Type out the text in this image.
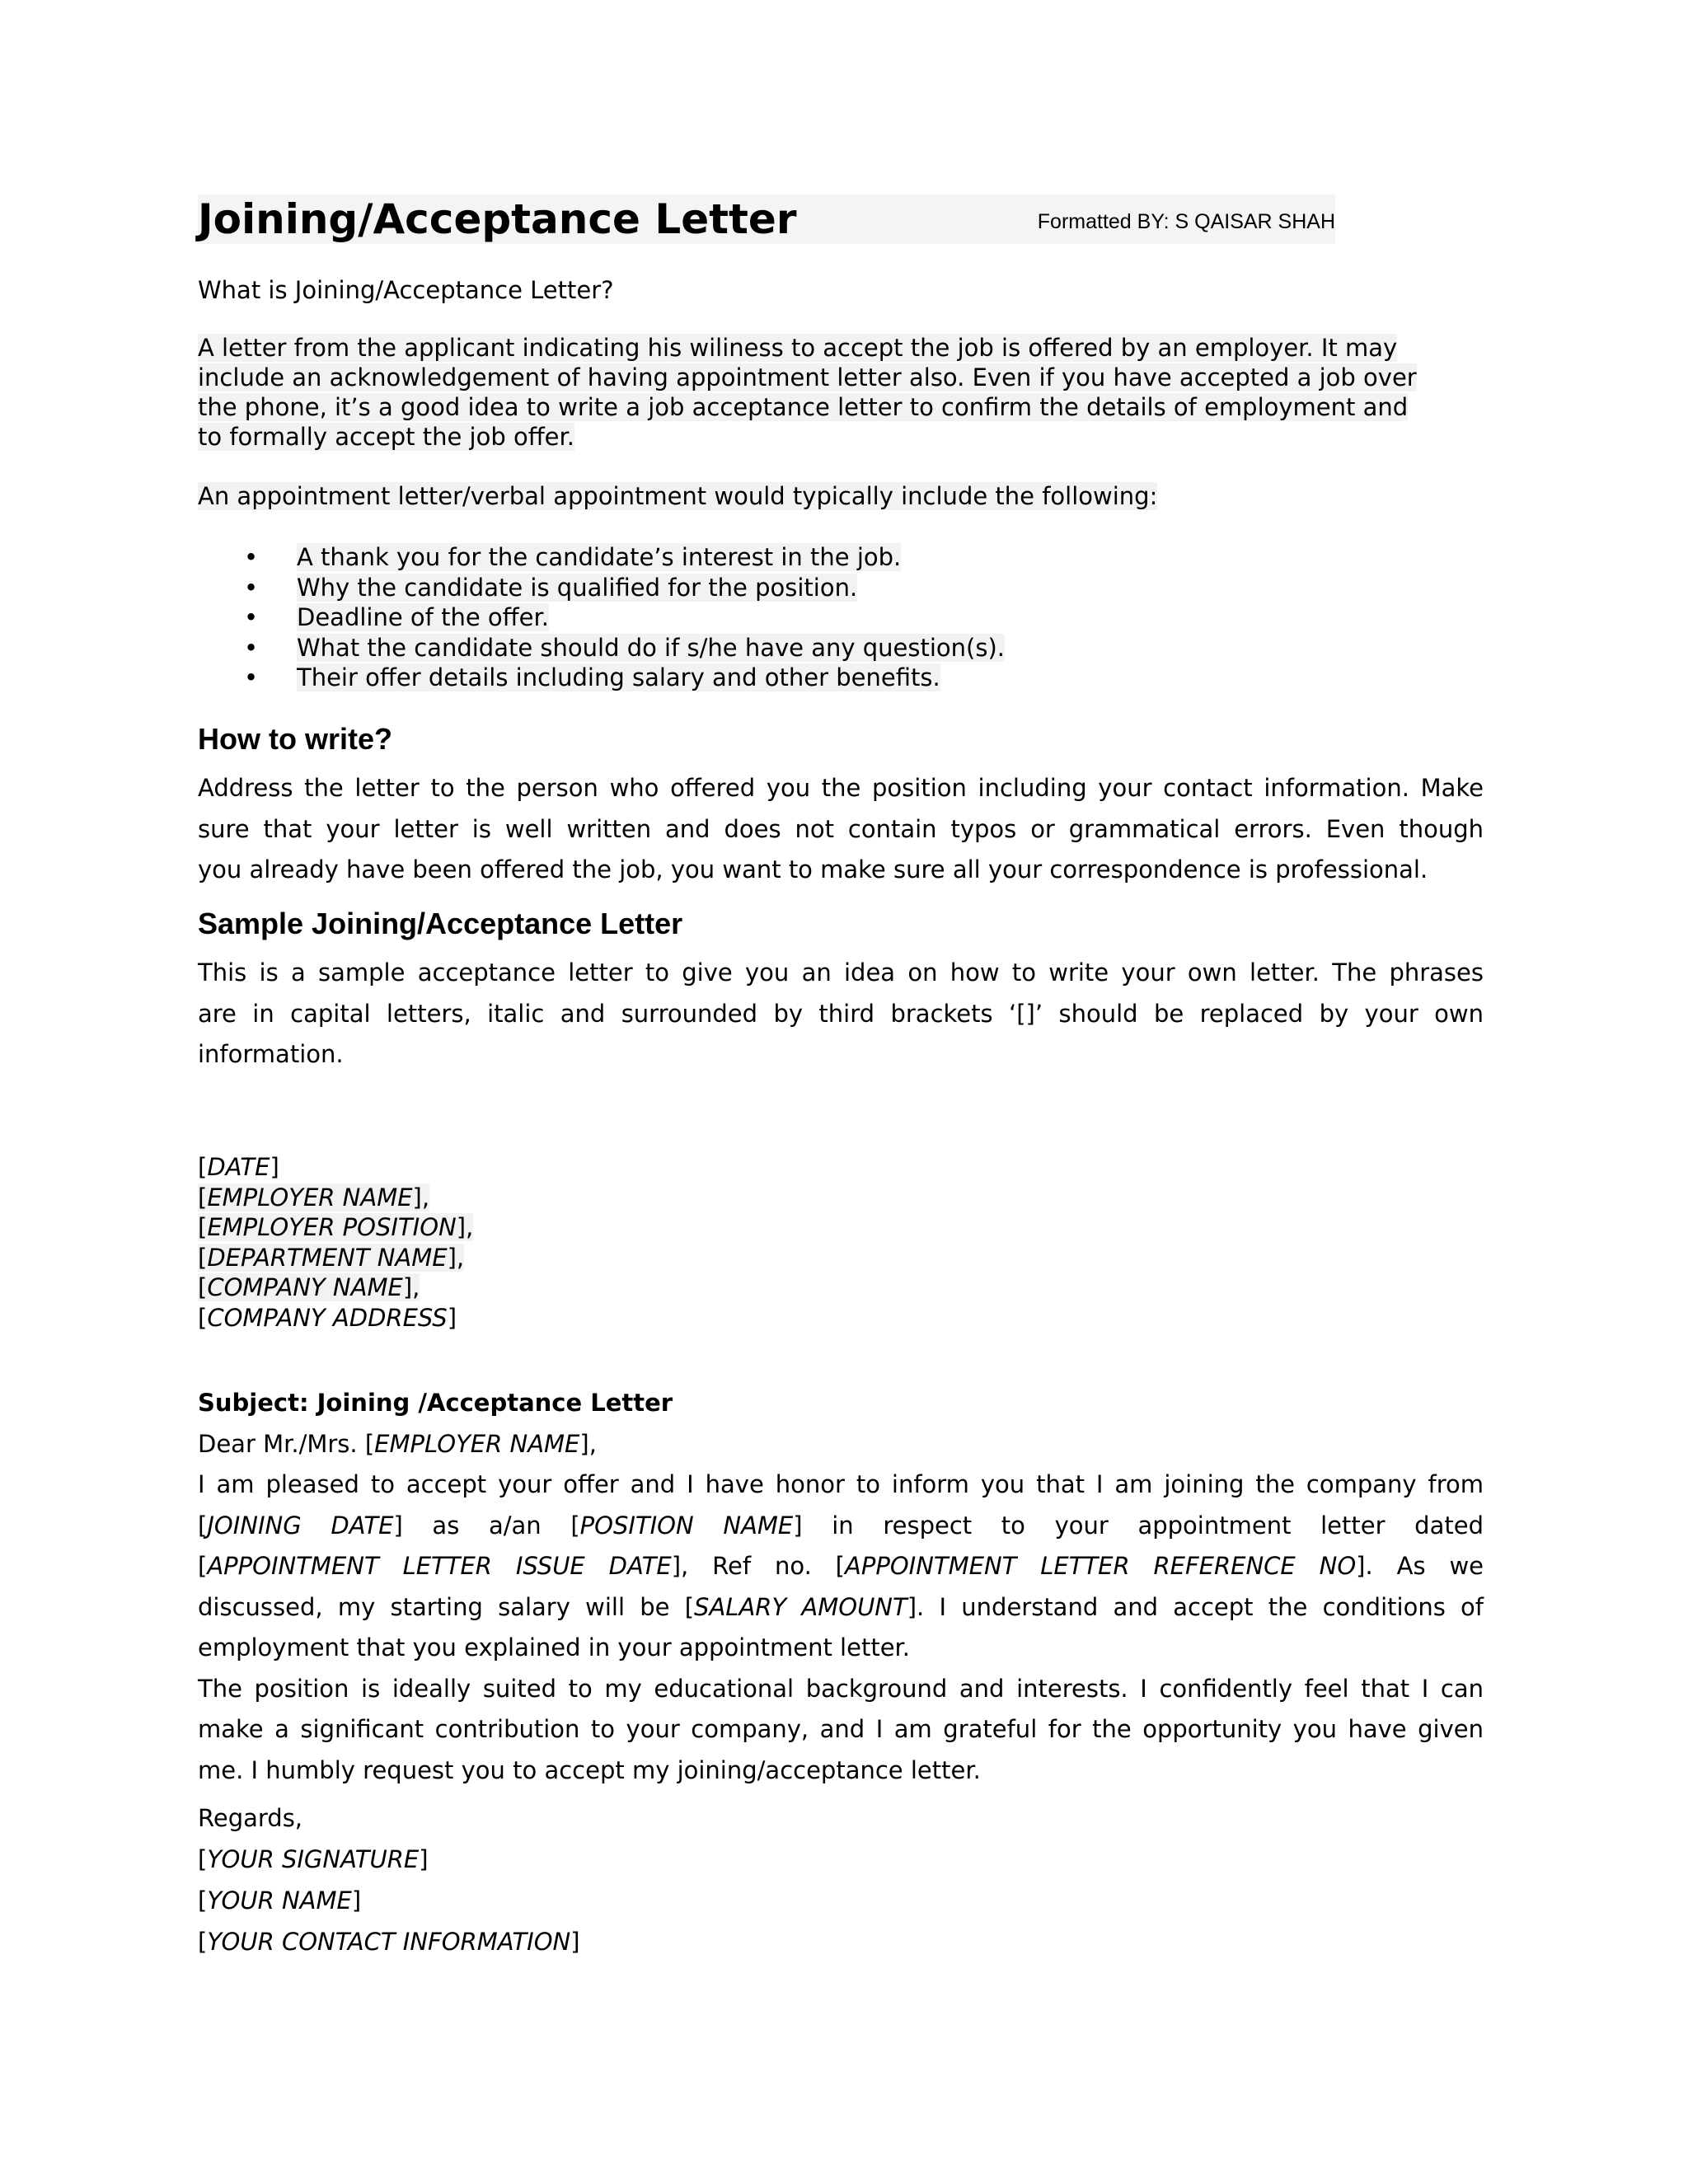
Joining/Acceptance Letter	Formatted BY: S QAISAR SHAH

What is Joining/Acceptance Letter?

A letter from the applicant indicating his wiliness to accept the job is offered by an employer. It may
include an acknowledgement of having appointment letter also. Even if you have accepted a job over
the phone, it’s a good idea to write a job acceptance letter to confirm the details of employment and
to formally accept the job offer.

An appointment letter/verbal appointment would typically include the following:

• A thank you for the candidate’s interest in the job.
• Why the candidate is qualified for the position.
• Deadline of the offer.
• What the candidate should do if s/he have any question(s).
• Their offer details including salary and other benefits.
How to write?
Address the letter to the person who offered you the position including your contact information. Make
sure that your letter is well written and does not contain typos or grammatical errors. Even though
you already have been offered the job, you want to make sure all your correspondence is professional.
Sample Joining/Acceptance Letter
This is a sample acceptance letter to give you an idea on how to write your own letter. The phrases
are in capital letters, italic and surrounded by third brackets ‘[]’ should be replaced by your own
information.
[DATE]
[EMPLOYER NAME],
[EMPLOYER POSITION],
[DEPARTMENT NAME],
[COMPANY NAME],
[COMPANY ADDRESS]
Subject: Joining /Acceptance Letter
Dear Mr./Mrs. [EMPLOYER NAME],
I am pleased to accept your offer and I have honor to inform you that I am joining the company from
[JOINING DATE] as a/an [POSITION NAME] in respect to your appointment letter dated
[APPOINTMENT LETTER ISSUE DATE], Ref no. [APPOINTMENT LETTER REFERENCE NO]. As we
discussed, my starting salary will be [SALARY AMOUNT]. I understand and accept the conditions of
employment that you explained in your appointment letter.
The position is ideally suited to my educational background and interests. I confidently feel that I can
make a significant contribution to your company, and I am grateful for the opportunity you have given
me. I humbly request you to accept my joining/acceptance letter.
Regards,
[YOUR SIGNATURE]
[YOUR NAME]
[YOUR CONTACT INFORMATION]
